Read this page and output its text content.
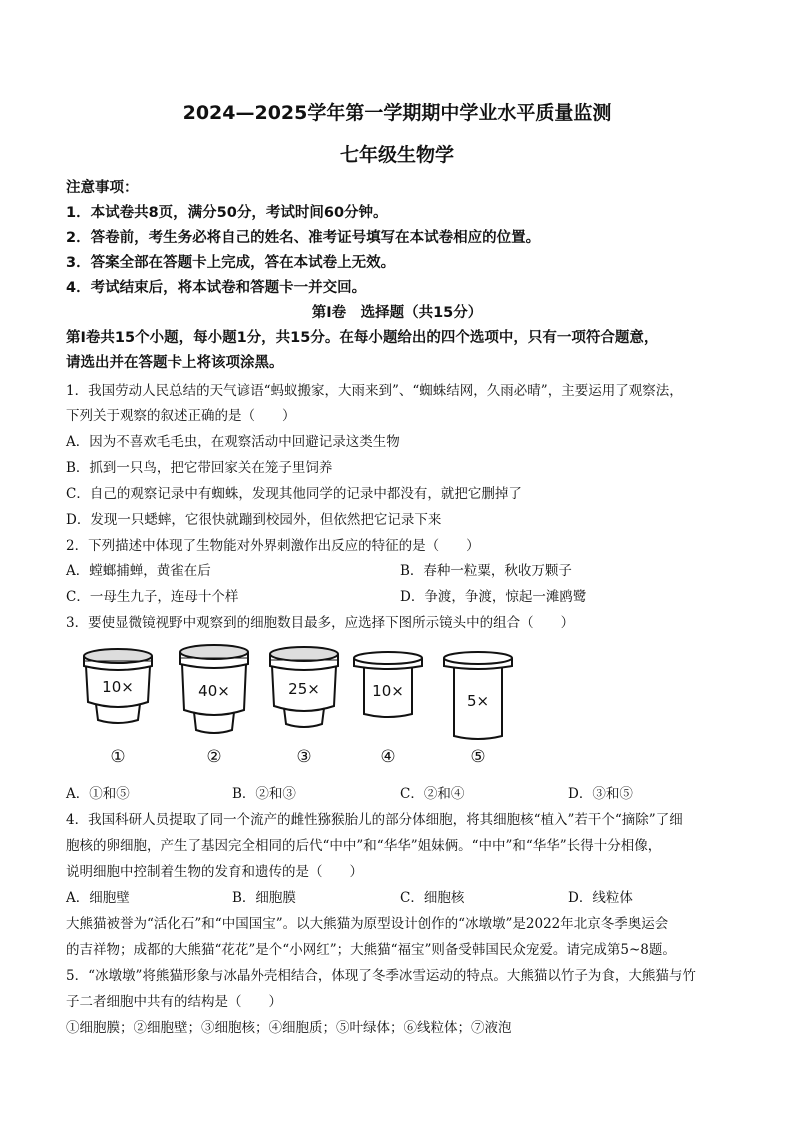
2024—2025学年第一学期期中学业水平质量监测
七年级生物学
注意事项：
1．本试卷共8页，满分50分，考试时间60分钟。
2．答卷前，考生务必将自己的姓名、准考证号填写在本试卷相应的位置。
3．答案全部在答题卡上完成，答在本试卷上无效。
4．考试结束后，将本试卷和答题卡一并交回。
第Ⅰ卷　选择题（共15分）
第Ⅰ卷共15个小题，每小题1分，共15分。在每小题给出的四个选项中，只有一项符合题意，
请选出并在答题卡上将该项涂黑。
1．我国劳动人民总结的天气谚语“蚂蚁搬家，大雨来到”、“蜘蛛结网，久雨必晴”，主要运用了观察法，
下列关于观察的叙述正确的是（　　）
A．因为不喜欢毛毛虫，在观察活动中回避记录这类生物
B．抓到一只鸟，把它带回家关在笼子里饲养
C．自己的观察记录中有蜘蛛，发现其他同学的记录中都没有，就把它删掉了
D．发现一只蟋蟀，它很快就蹦到校园外，但依然把它记录下来
2．下列描述中体现了生物能对外界刺激作出反应的特征的是（　　）
A．螳螂捕蝉，黄雀在后	B．春种一粒粟，秋收万颗子
C．一母生九子，连母十个样	D．争渡，争渡，惊起一滩鸥鹭
3．要使显微镜视野中观察到的细胞数目最多，应选择下图所示镜头中的组合（　　）
10×	40×	25×	10×
5×
①	②	③	④	⑤
A．①和⑤	B．②和③	C．②和④	D．③和⑤
4．我国科研人员提取了同一个流产的雌性猕猴胎儿的部分体细胞，将其细胞核“植入”若干个“摘除”了细
胞核的卵细胞，产生了基因完全相同的后代“中中”和“华华”姐妹俩。“中中”和“华华”长得十分相像，
说明细胞中控制着生物的发育和遗传的是（　　）
A．细胞壁	B．细胞膜	C．细胞核	D．线粒体
大熊猫被誉为“活化石”和“中国国宝”。以大熊猫为原型设计创作的“冰墩墩”是2022年北京冬季奥运会
的吉祥物；成都的大熊猫“花花”是个“小网红”；大熊猫“福宝”则备受韩国民众宠爱。请完成第5~8题。
5．“冰墩墩”将熊猫形象与冰晶外壳相结合，体现了冬季冰雪运动的特点。大熊猫以竹子为食，大熊猫与竹
子二者细胞中共有的结构是（　　）
①细胞膜；②细胞壁；③细胞核；④细胞质；⑤叶绿体；⑥线粒体；⑦液泡
